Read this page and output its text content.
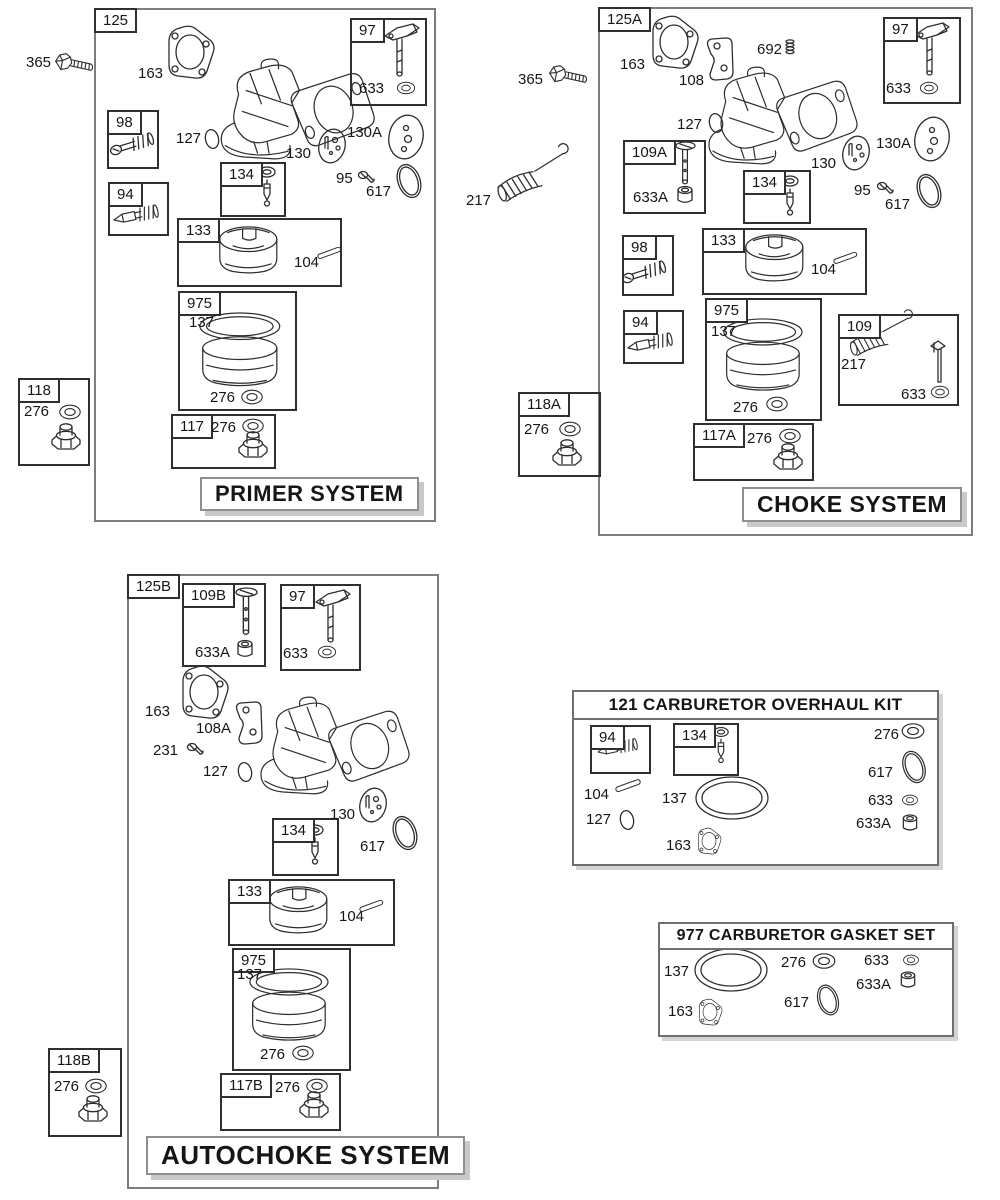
125
97
98
94
134
133
975
117
118
PRIMER SYSTEM
365
163
127
130
130A
95
617
633
104
137
276
276
276
125A
97
109A
134
98	133
94
975
109
117A
118A
CHOKE SYSTEM
365
217
163
108
692
127
130
130A
95
617
633
633A
104
137
276
217
633
276
276
125B
109B	97
134
133
975
117B
118B
AUTOCHOKE SYSTEM
633A	633
163
108A
231
127
130
617
104
137
276
276
276
121 CARBURETOR OVERHAUL KIT
94	134
104
127
137
163
276
617
633
633A
977 CARBURETOR GASKET SET
137
163
276
617
633
633A
